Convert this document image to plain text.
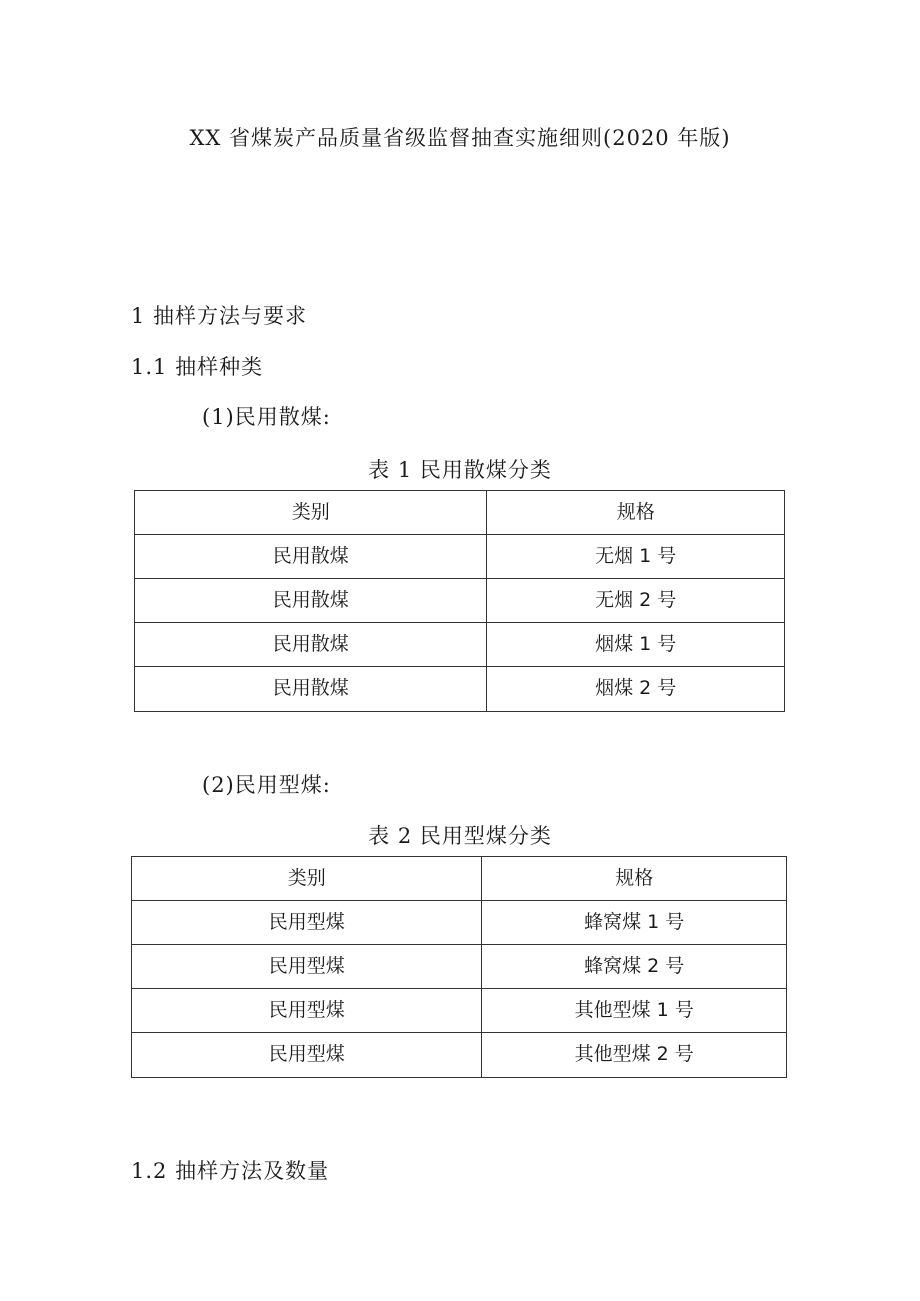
XX 省煤炭产品质量省级监督抽查实施细则(2020 年版)
1 抽样方法与要求
1.1 抽样种类

(1)民用散煤:

表 1 民用散煤分类

类别	规格
民用散煤	无烟 1 号
民用散煤	无烟 2 号
民用散煤	烟煤 1 号
民用散煤	烟煤 2 号

(2)民用型煤:

表 2 民用型煤分类

类别	规格
民用型煤	蜂窝煤 1 号
民用型煤	蜂窝煤 2 号
民用型煤	其他型煤 1 号
民用型煤	其他型煤 2 号
1.2 抽样方法及数量
